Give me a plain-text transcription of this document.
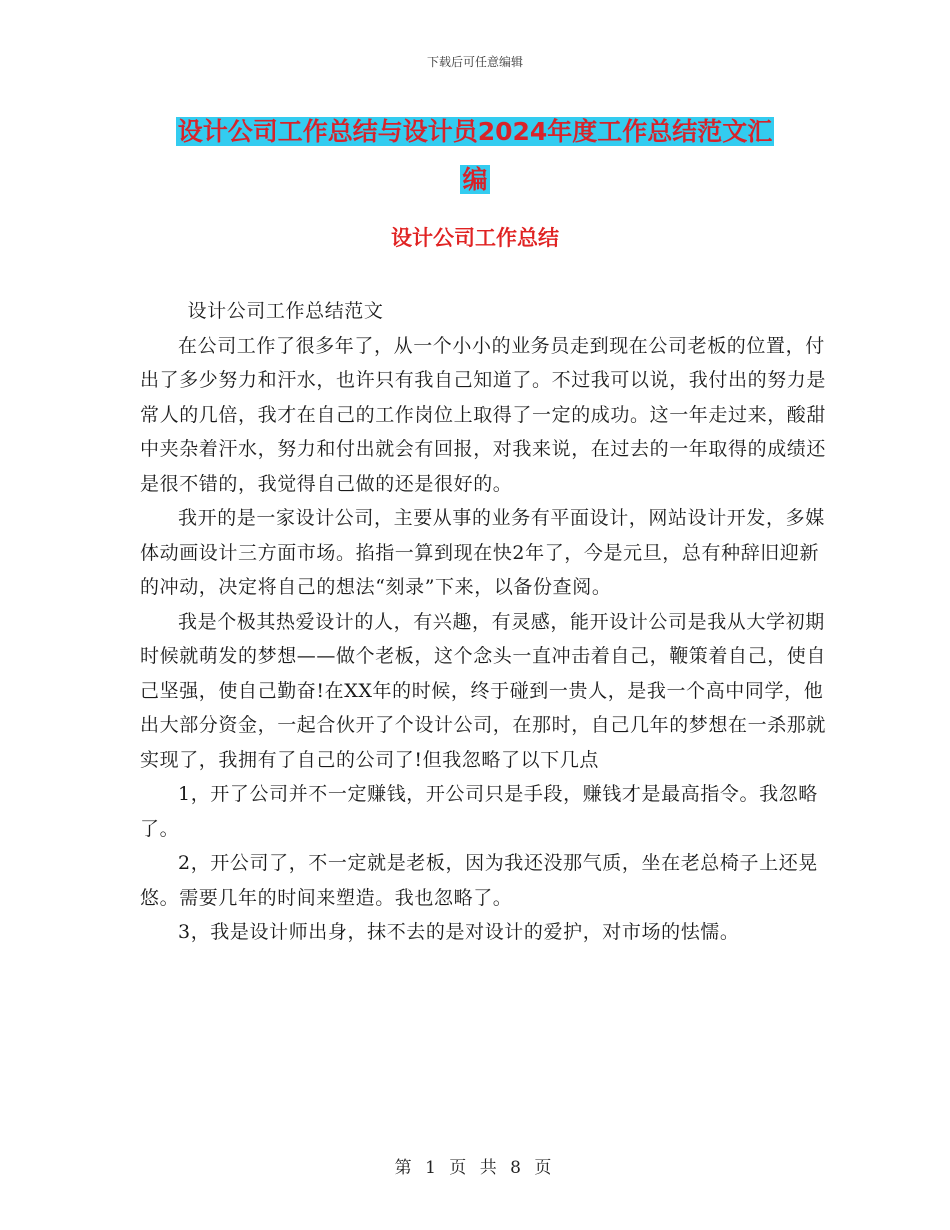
下载后可任意编辑
设计公司工作总结与设计员2024年度工作总结范文汇
编
设计公司工作总结

设计公司工作总结范文

在公司工作了很多年了，从一个小小的业务员走到现在公司老板的位置，付出了多少努力和汗水，也许只有我自己知道了。不过我可以说，我付出的努力是常人的几倍，我才在自己的工作岗位上取得了一定的成功。这一年走过来，酸甜中夹杂着汗水，努力和付出就会有回报，对我来说，在过去的一年取得的成绩还是很不错的，我觉得自己做的还是很好的。

我开的是一家设计公司，主要从事的业务有平面设计，网站设计开发，多媒体动画设计三方面市场。掐指一算到现在快2年了，今是元旦，总有种辞旧迎新的冲动，决定将自己的想法“刻录”下来，以备份查阅。

我是个极其热爱设计的人，有兴趣，有灵感，能开设计公司是我从大学初期时候就萌发的梦想——做个老板，这个念头一直冲击着自己，鞭策着自己，使自己坚强，使自己勤奋!在XX年的时候，终于碰到一贵人，是我一个高中同学，他出大部分资金，一起合伙开了个设计公司，在那时，自己几年的梦想在一杀那就实现了，我拥有了自己的公司了!但我忽略了以下几点

1，开了公司并不一定赚钱，开公司只是手段，赚钱才是最高指令。我忽略了。

2，开公司了，不一定就是老板，因为我还没那气质，坐在老总椅子上还晃悠。需要几年的时间来塑造。我也忽略了。

3，我是设计师出身，抹不去的是对设计的爱护，对市场的怯懦。

第 1 页 共 8 页
